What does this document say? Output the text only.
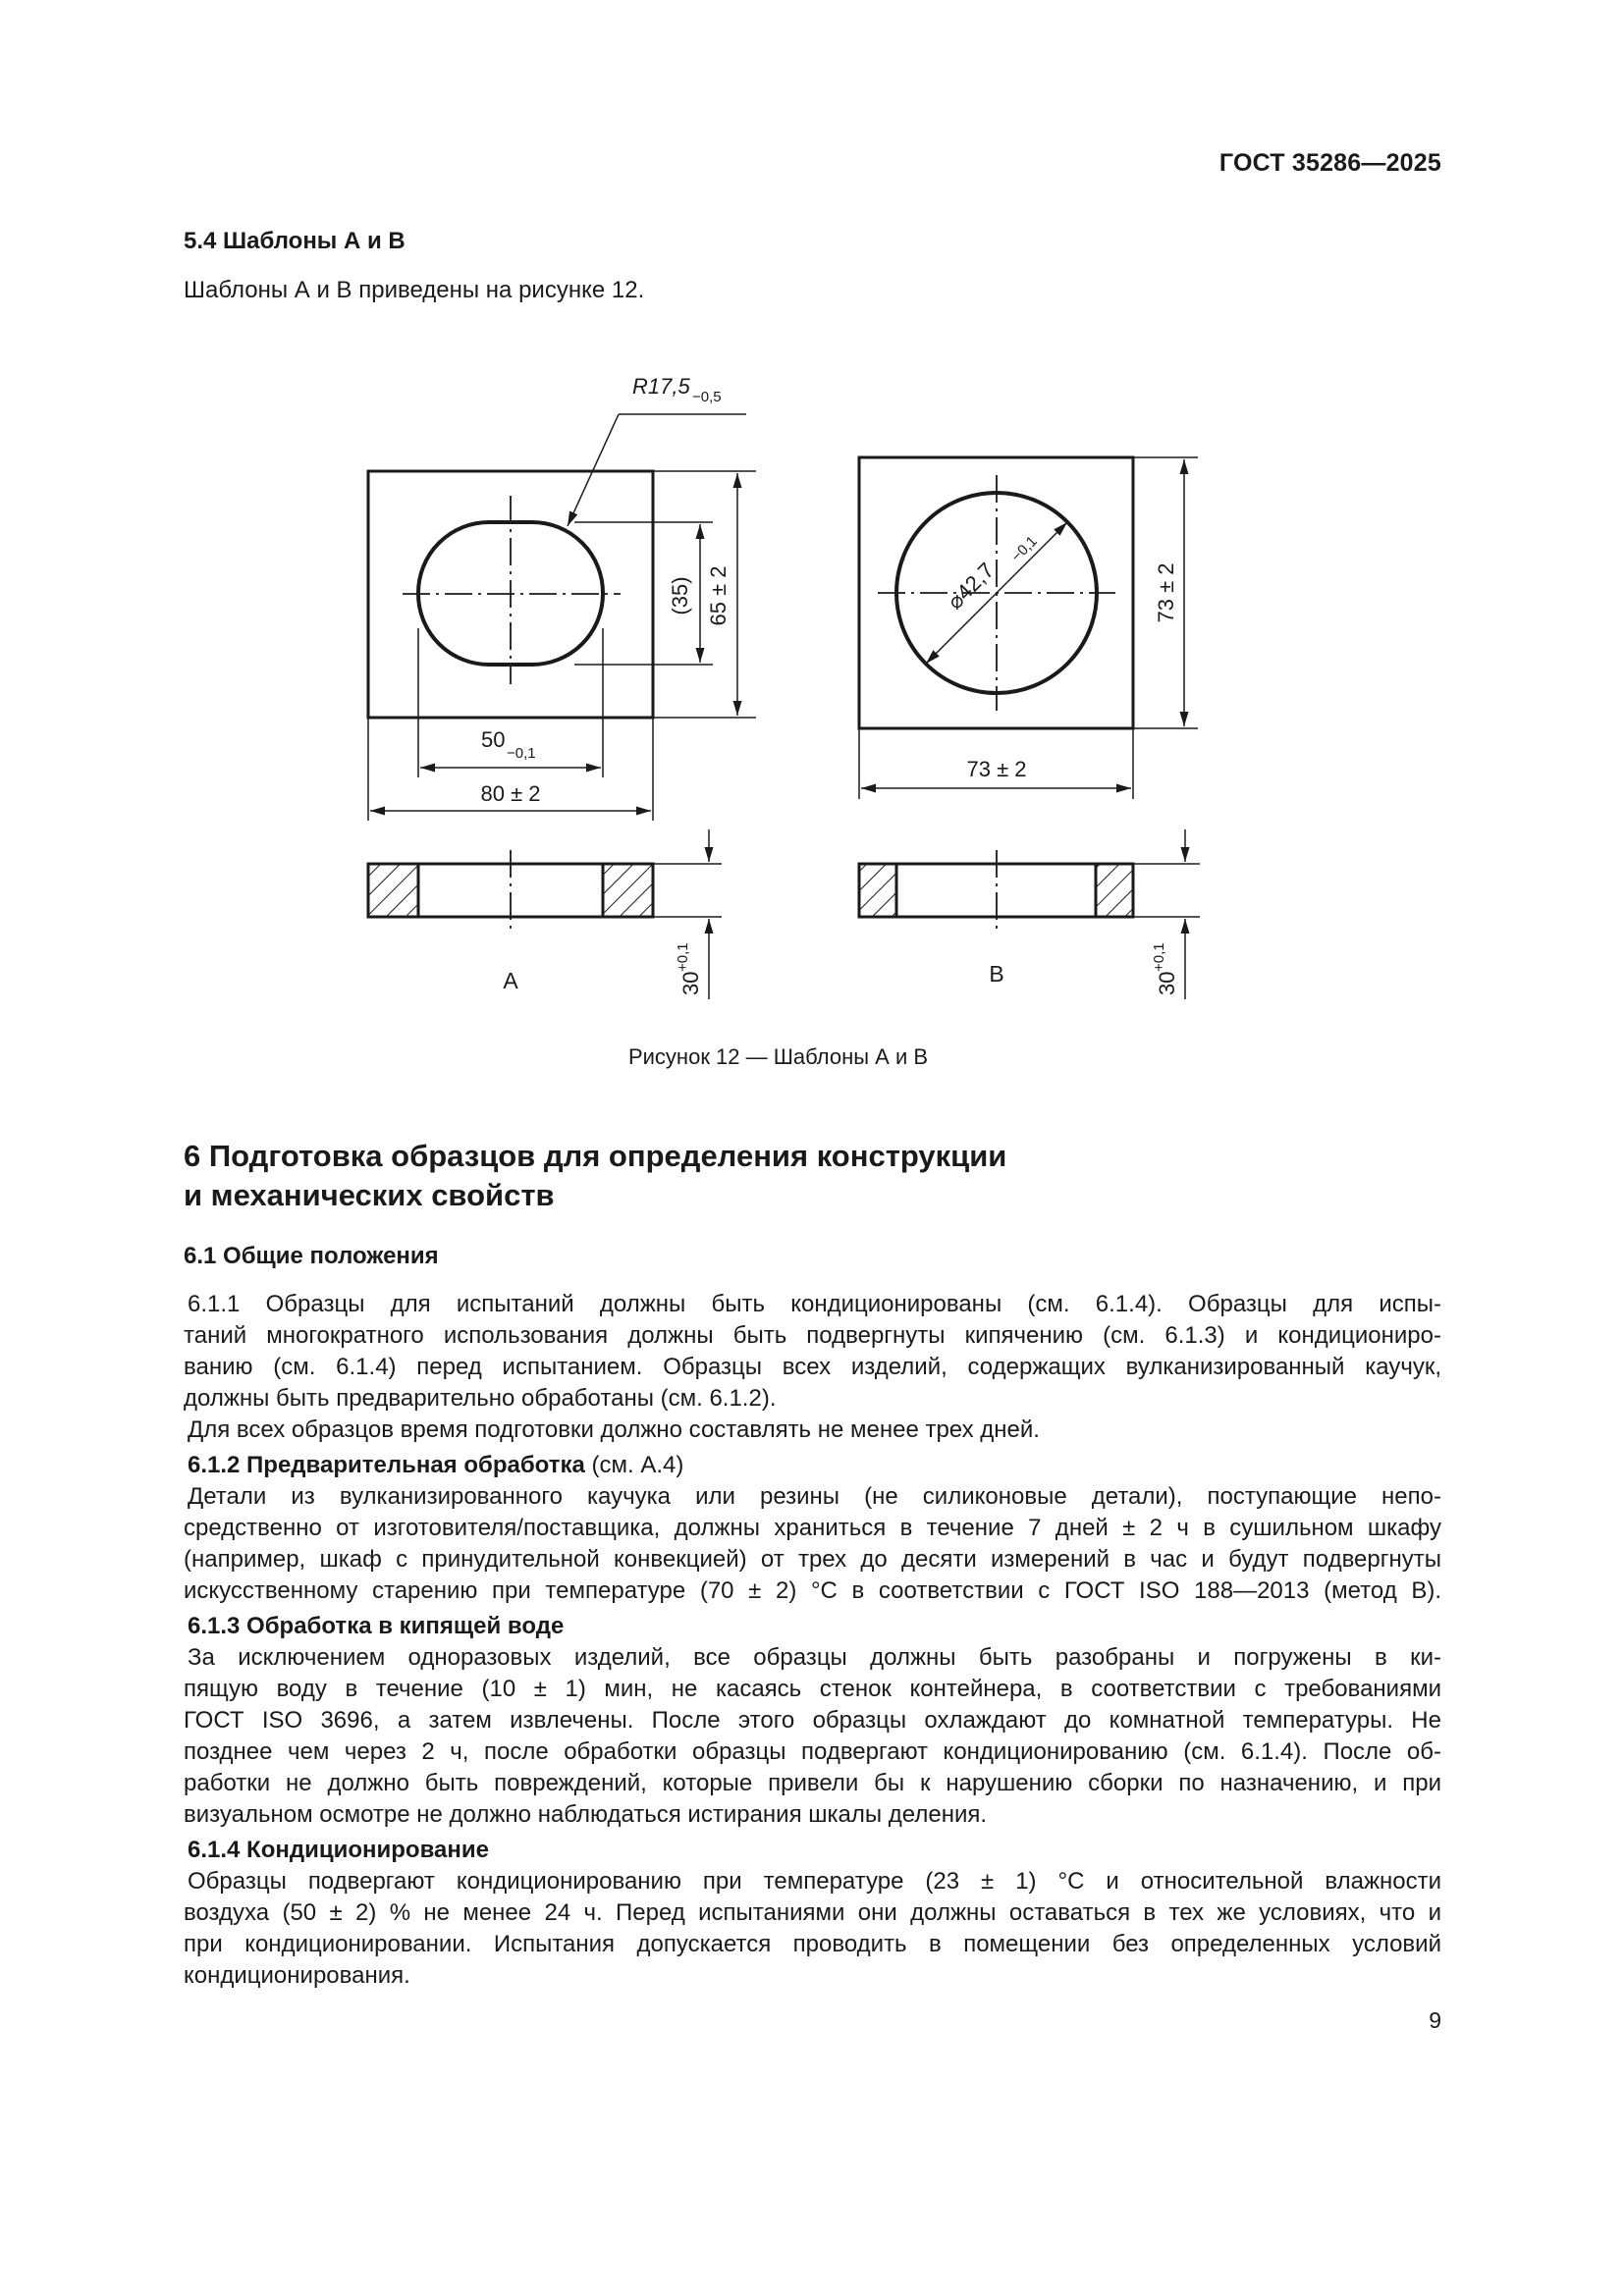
ГОСТ 35286—2025
5.4 Шаблоны А и В
Шаблоны А и В приведены на рисунке 12.
R17,5 −0,5
(35) 65 ± 2
50
−0,1
80 ± 2
⌀42,7
−0,1
73 ± 2
73 ± 2
30
+0,1
30
+0,1
А	В
Рисунок 12 — Шаблоны А и В
6 Подготовка образцов для определения конструкции
и механических свойств
6.1 Общие положения
6.1.1 Образцы для испытаний должны быть кондиционированы (см. 6.1.4). Образцы для испы-
таний многократного использования должны быть подвергнуты кипячению (см. 6.1.3) и кондициониро-
ванию (см. 6.1.4) перед испытанием. Образцы всех изделий, содержащих вулканизированный каучук,
должны быть предварительно обработаны (см. 6.1.2).
Для всех образцов время подготовки должно составлять не менее трех дней.
6.1.2 Предварительная обработка (см. А.4)
Детали из вулканизированного каучука или резины (не силиконовые детали), поступающие непо-
средственно от изготовителя/поставщика, должны храниться в течение 7 дней ± 2 ч в сушильном шкафу
(например, шкаф с принудительной конвекцией) от трех до десяти измерений в час и будут подвергнуты
искусственному старению при температуре (70 ± 2) °С в соответствии с ГОСТ ISO 188—2013 (метод В).
6.1.3 Обработка в кипящей воде
За исключением одноразовых изделий, все образцы должны быть разобраны и погружены в ки-
пящую воду в течение (10 ± 1) мин, не касаясь стенок контейнера, в соответствии с требованиями
ГОСТ ISO 3696, а затем извлечены. После этого образцы охлаждают до комнатной температуры. Не
позднее чем через 2 ч, после обработки образцы подвергают кондиционированию (см. 6.1.4). После об-
работки не должно быть повреждений, которые привели бы к нарушению сборки по назначению, и при
визуальном осмотре не должно наблюдаться истирания шкалы деления.
6.1.4 Кондиционирование
Образцы подвергают кондиционированию при температуре (23 ± 1) °С и относительной влажности
воздуха (50 ± 2) % не менее 24 ч. Перед испытаниями они должны оставаться в тех же условиях, что и
при кондиционировании. Испытания допускается проводить в помещении без определенных условий
кондиционирования.
9
